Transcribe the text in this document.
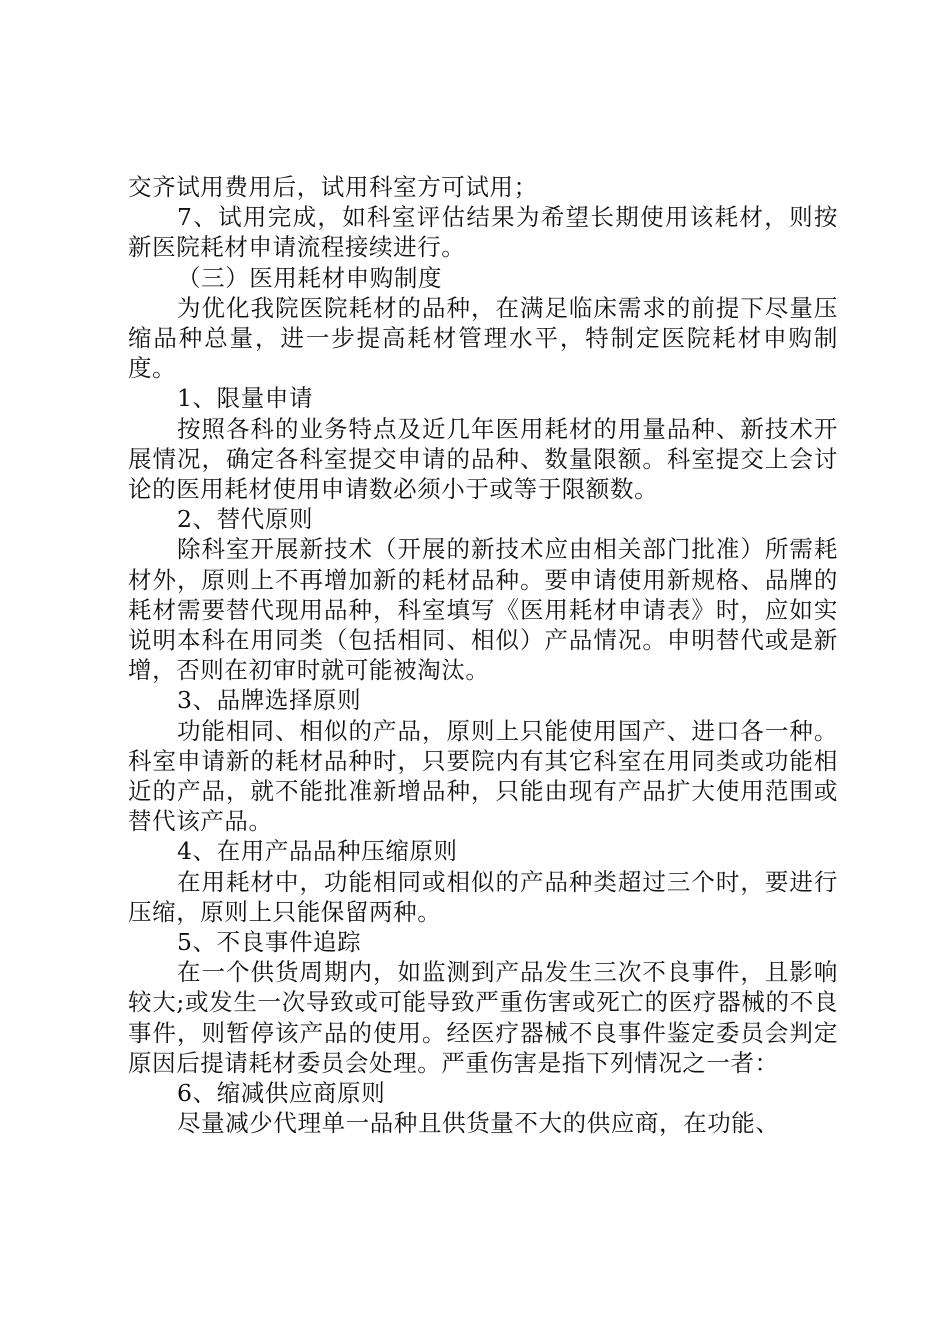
交齐试用费用后，试用科室方可试用；

7、试用完成，如科室评估结果为希望长期使用该耗材，则按新医院耗材申请流程接续进行。

（三）医用耗材申购制度

为优化我院医院耗材的品种，在满足临床需求的前提下尽量压缩品种总量，进一步提高耗材管理水平，特制定医院耗材申购制度。

1、限量申请

按照各科的业务特点及近几年医用耗材的用量品种、新技术开展情况，确定各科室提交申请的品种、数量限额。科室提交上会讨论的医用耗材使用申请数必须小于或等于限额数。

2、替代原则

除科室开展新技术（开展的新技术应由相关部门批准）所需耗材外，原则上不再增加新的耗材品种。要申请使用新规格、品牌的耗材需要替代现用品种，科室填写《医用耗材申请表》时，应如实说明本科在用同类（包括相同、相似）产品情况。申明替代或是新增，否则在初审时就可能被淘汰。

3、品牌选择原则

功能相同、相似的产品，原则上只能使用国产、进口各一种。科室申请新的耗材品种时，只要院内有其它科室在用同类或功能相近的产品，就不能批准新增品种，只能由现有产品扩大使用范围或替代该产品。

4、在用产品品种压缩原则

在用耗材中，功能相同或相似的产品种类超过三个时，要进行压缩，原则上只能保留两种。

5、不良事件追踪

在一个供货周期内，如监测到产品发生三次不良事件，且影响较大;或发生一次导致或可能导致严重伤害或死亡的医疗器械的不良事件，则暂停该产品的使用。经医疗器械不良事件鉴定委员会判定原因后提请耗材委员会处理。严重伤害是指下列情况之一者：

6、缩减供应商原则

尽量减少代理单一品种且供货量不大的供应商，在功能、
